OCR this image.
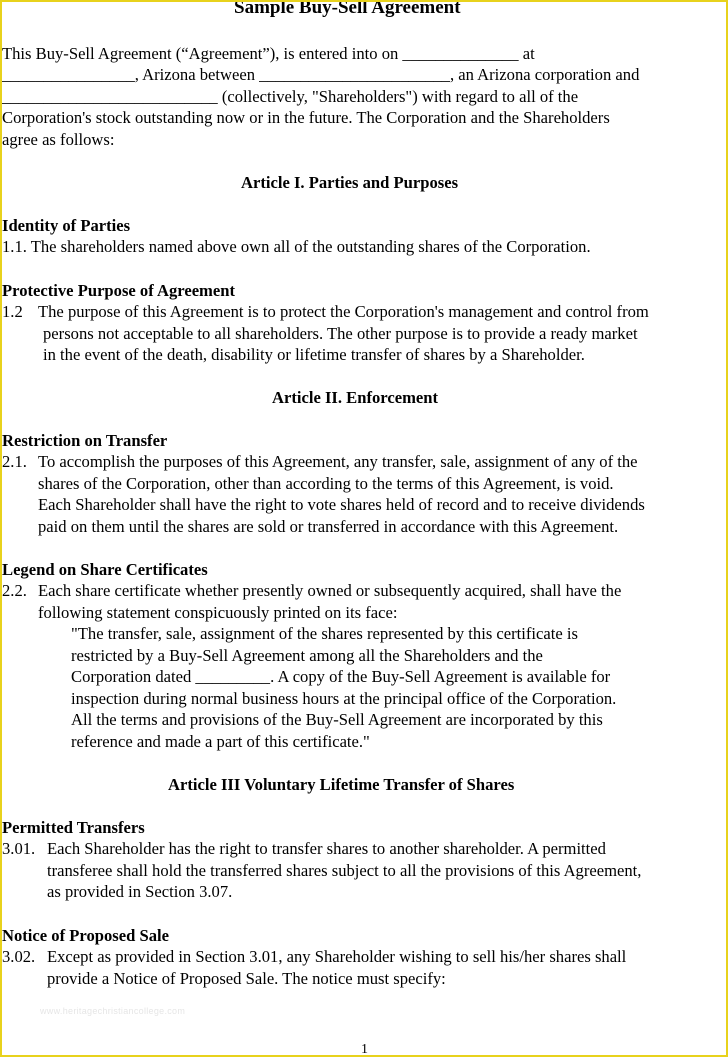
Sample Buy-Sell Agreement
This Buy-Sell Agreement (“Agreement”), is entered into on ______________ at
________________, Arizona between _______________________, an Arizona corporation and
__________________________ (collectively, "Shareholders") with regard to all of the
Corporation's stock outstanding now or in the future. The Corporation and the Shareholders
agree as follows:
Article I. Parties and Purposes
Identity of Parties
1.1. The shareholders named above own all of the outstanding shares of the Corporation.
Protective Purpose of Agreement
1.2 The purpose of this Agreement is to protect the Corporation's management and control from
persons not acceptable to all shareholders. The other purpose is to provide a ready market
in the event of the death, disability or lifetime transfer of shares by a Shareholder.
Article II. Enforcement
Restriction on Transfer
2.1. To accomplish the purposes of this Agreement, any transfer, sale, assignment of any of the
shares of the Corporation, other than according to the terms of this Agreement, is void.
Each Shareholder shall have the right to vote shares held of record and to receive dividends
paid on them until the shares are sold or transferred in accordance with this Agreement.
Legend on Share Certificates
2.2. Each share certificate whether presently owned or subsequently acquired, shall have the
following statement conspicuously printed on its face:
"The transfer, sale, assignment of the shares represented by this certificate is
restricted by a Buy-Sell Agreement among all the Shareholders and the
Corporation dated _________. A copy of the Buy-Sell Agreement is available for
inspection during normal business hours at the principal office of the Corporation.
All the terms and provisions of the Buy-Sell Agreement are incorporated by this
reference and made a part of this certificate."
Article III Voluntary Lifetime Transfer of Shares
Permitted Transfers
3.01. Each Shareholder has the right to transfer shares to another shareholder. A permitted
transferee shall hold the transferred shares subject to all the provisions of this Agreement,
as provided in Section 3.07.
Notice of Proposed Sale
3.02. Except as provided in Section 3.01, any Shareholder wishing to sell his/her shares shall
provide a Notice of Proposed Sale. The notice must specify:
www.heritagechristiancollege.com
1
